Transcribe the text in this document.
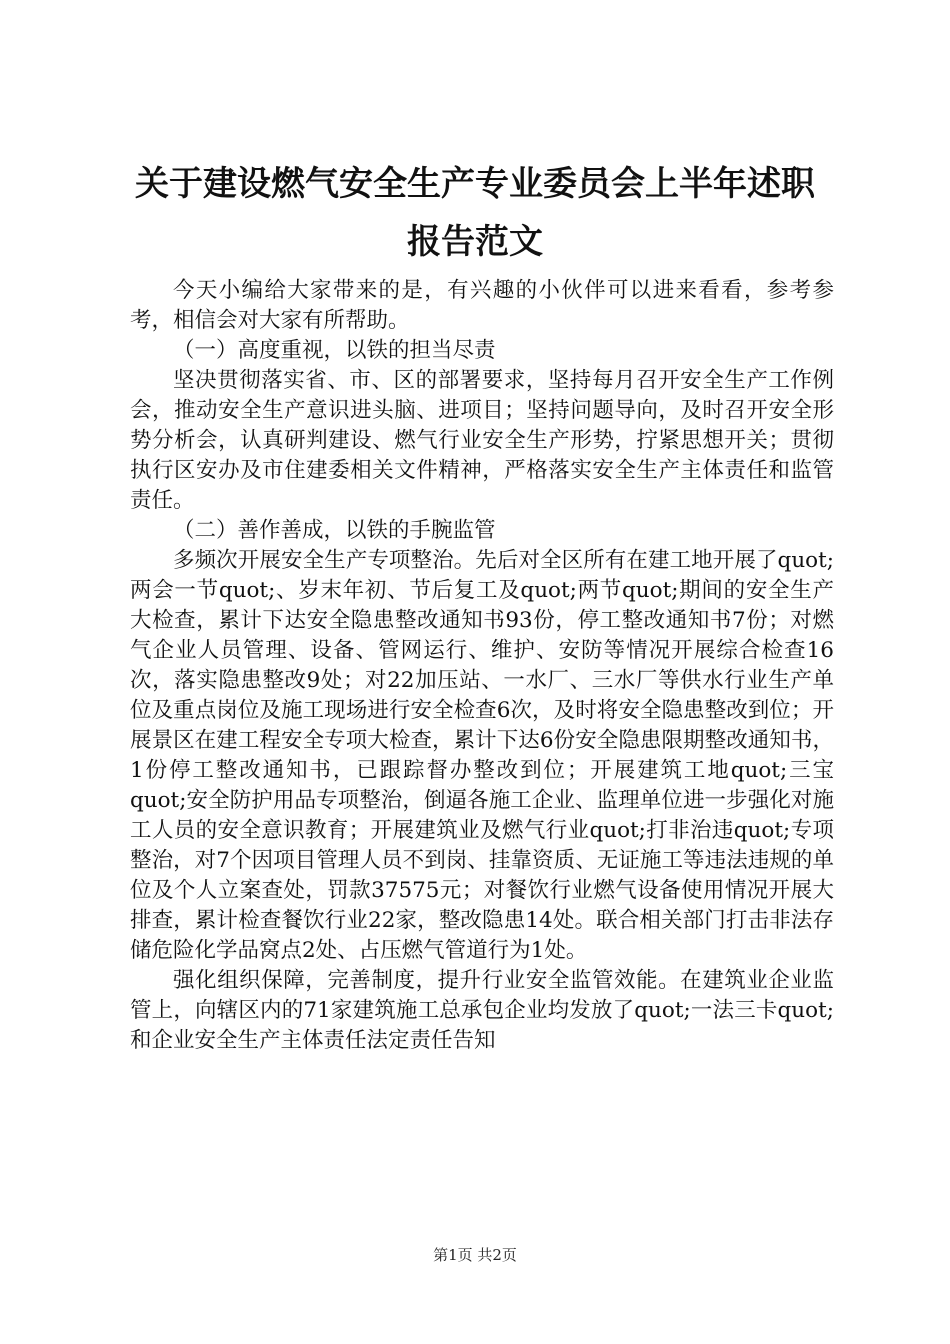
关于建设燃气安全生产专业委员会上半年述职
报告范文

今天小编给大家带来的是，有兴趣的小伙伴可以进来看看，参考参考，相信会对大家有所帮助。

（一）高度重视，以铁的担当尽责

坚决贯彻落实省、市、区的部署要求，坚持每月召开安全生产工作例会，推动安全生产意识进头脑、进项目；坚持问题导向，及时召开安全形势分析会，认真研判建设、燃气行业安全生产形势，拧紧思想开关；贯彻执行区安办及市住建委相关文件精神，严格落实安全生产主体责任和监管责任。

（二）善作善成，以铁的手腕监管

多频次开展安全生产专项整治。先后对全区所有在建工地开展了quot;两会一节quot;、岁末年初、节后复工及quot;两节quot;期间的安全生产大检查，累计下达安全隐患整改通知书93份，停工整改通知书7份；对燃气企业人员管理、设备、管网运行、维护、安防等情况开展综合检查16次，落实隐患整改9处；对22加压站、一水厂、三水厂等供水行业生产单位及重点岗位及施工现场进行安全检查6次，及时将安全隐患整改到位；开展景区在建工程安全专项大检查，累计下达6份安全隐患限期整改通知书，1份停工整改通知书，已跟踪督办整改到位；开展建筑工地quot;三宝quot;安全防护用品专项整治，倒逼各施工企业、监理单位进一步强化对施工人员的安全意识教育；开展建筑业及燃气行业quot;打非治违quot;专项整治，对7个因项目管理人员不到岗、挂靠资质、无证施工等违法违规的单位及个人立案查处，罚款37575元；对餐饮行业燃气设备使用情况开展大排查，累计检查餐饮行业22家，整改隐患14处。联合相关部门打击非法存储危险化学品窝点2处、占压燃气管道行为1处。

强化组织保障，完善制度，提升行业安全监管效能。在建筑业企业监管上，向辖区内的71家建筑施工总承包企业均发放了quot;一法三卡quot;和企业安全生产主体责任法定责任告知

第1页 共2页
